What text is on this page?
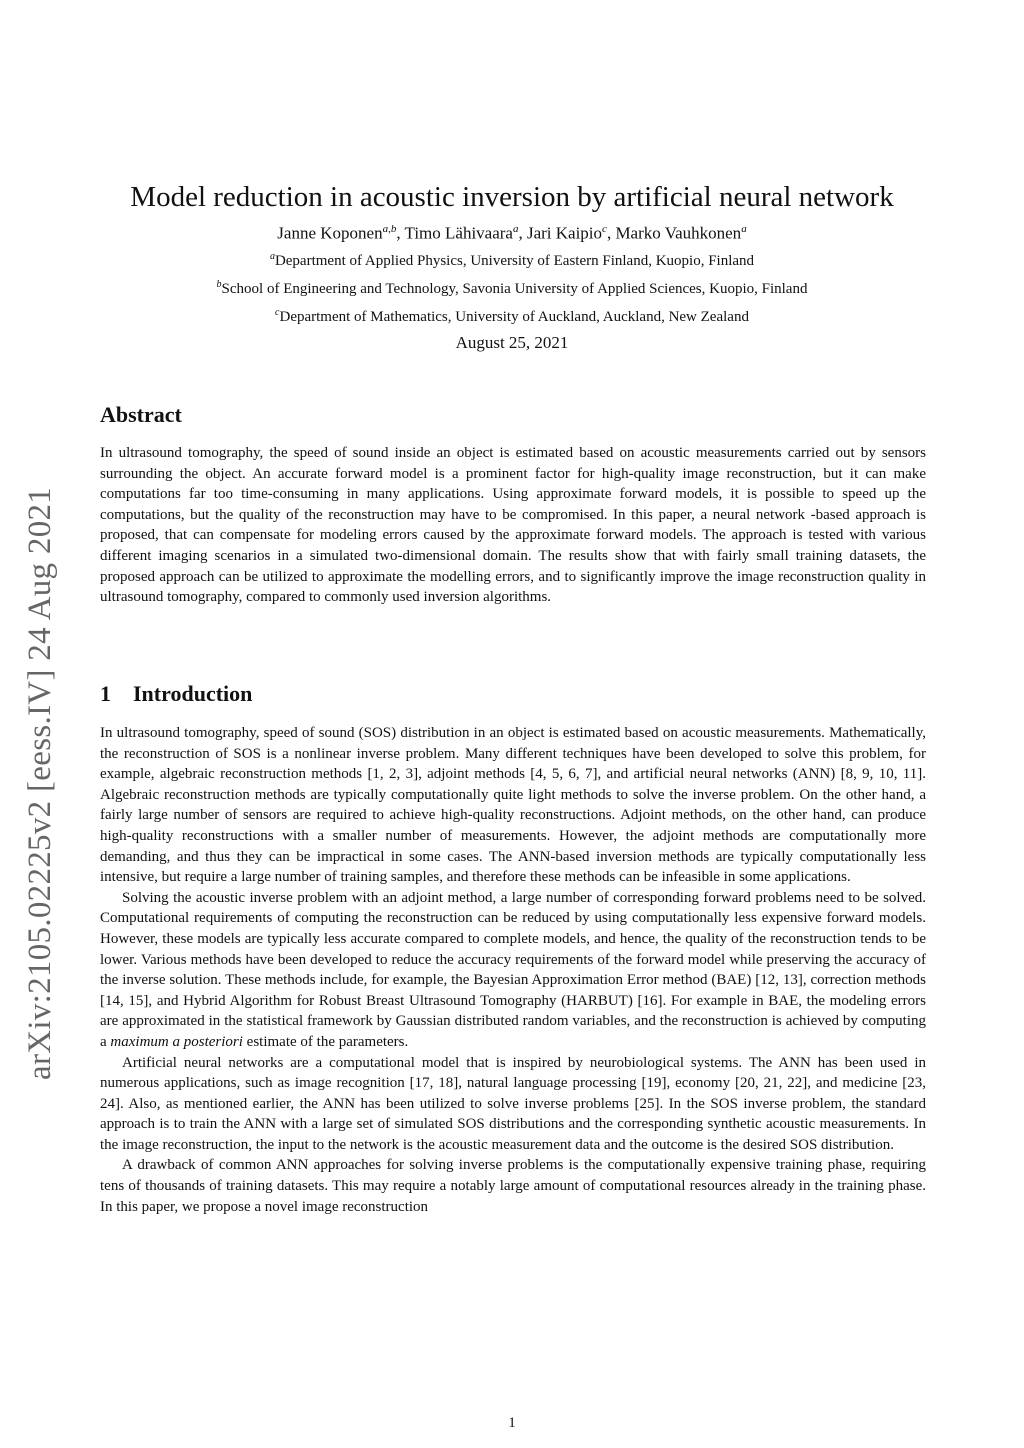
arXiv:2105.02225v2 [eess.IV] 24 Aug 2021
Model reduction in acoustic inversion by artificial neural network
Janne Koponen$^{a,b}$, Timo Lähivaara$^a$, Jari Kaipio$^c$, Marko Vauhkonen$^a$
$^a$Department of Applied Physics, University of Eastern Finland, Kuopio, Finland
$^b$School of Engineering and Technology, Savonia University of Applied Sciences, Kuopio, Finland
$^c$Department of Mathematics, University of Auckland, Auckland, New Zealand
August 25, 2021
Abstract

In ultrasound tomography, the speed of sound inside an object is estimated based on acoustic measurements carried out by sensors surrounding the object. An accurate forward model is a prominent factor for high-quality image reconstruction, but it can make computations far too time-consuming in many applications. Using approximate forward models, it is possible to speed up the computations, but the quality of the reconstruction may have to be compromised. In this paper, a neural network -based approach is proposed, that can compensate for modeling errors caused by the approximate forward models. The approach is tested with various different imaging scenarios in a simulated two-dimensional domain. The results show that with fairly small training datasets, the proposed approach can be utilized to approximate the modelling errors, and to significantly improve the image reconstruction quality in ultrasound tomography, compared to commonly used inversion algorithms.

1 Introduction

In ultrasound tomography, speed of sound (SOS) distribution in an object is estimated based on acoustic measurements. Mathematically, the reconstruction of SOS is a nonlinear inverse problem. Many different techniques have been developed to solve this problem, for example, algebraic reconstruction methods [1, 2, 3], adjoint methods [4, 5, 6, 7], and artificial neural networks (ANN) [8, 9, 10, 11]. Algebraic reconstruction methods are typically computationally quite light methods to solve the inverse problem. On the other hand, a fairly large number of sensors are required to achieve high-quality reconstructions. Adjoint methods, on the other hand, can produce high-quality reconstructions with a smaller number of measurements. However, the adjoint methods are computationally more demanding, and thus they can be impractical in some cases. The ANN-based inversion methods are typically computationally less intensive, but require a large number of training samples, and therefore these methods can be infeasible in some applications.

Solving the acoustic inverse problem with an adjoint method, a large number of corresponding forward problems need to be solved. Computational requirements of computing the reconstruction can be reduced by using computationally less expensive forward models. However, these models are typically less accurate compared to complete models, and hence, the quality of the reconstruction tends to be lower. Various methods have been developed to reduce the accuracy requirements of the forward model while preserving the accuracy of the inverse solution. These methods include, for example, the Bayesian Approximation Error method (BAE) [12, 13], correction methods [14, 15], and Hybrid Algorithm for Robust Breast Ultrasound Tomography (HARBUT) [16]. For example in BAE, the modeling errors are approximated in the statistical framework by Gaussian distributed random variables, and the reconstruction is achieved by computing a maximum a posteriori estimate of the parameters.

Artificial neural networks are a computational model that is inspired by neurobiological systems. The ANN has been used in numerous applications, such as image recognition [17, 18], natural language processing [19], economy [20, 21, 22], and medicine [23, 24]. Also, as mentioned earlier, the ANN has been utilized to solve inverse problems [25]. In the SOS inverse problem, the standard approach is to train the ANN with a large set of simulated SOS distributions and the corresponding synthetic acoustic measurements. In the image reconstruction, the input to the network is the acoustic measurement data and the outcome is the desired SOS distribution.

A drawback of common ANN approaches for solving inverse problems is the computationally expensive training phase, requiring tens of thousands of training datasets. This may require a notably large amount of computational resources already in the training phase. In this paper, we propose a novel image reconstruction

1
